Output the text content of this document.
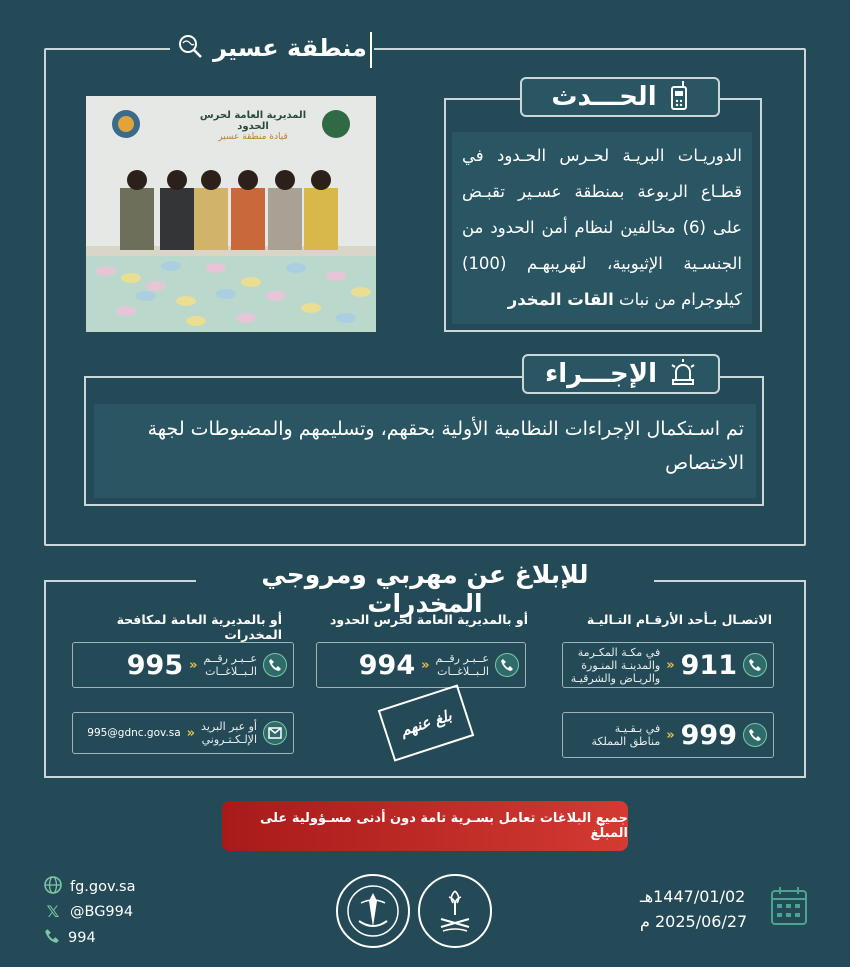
منطقة عسير
الحـــدث
الدوريـات البريـة لحـرس الحـدود في قطـاع الربوعة بمنطقة عسـير تقبـض على (6) مخالفين لنظام أمن الحدود من الجنسـية الإثيوبية، لتهريبهـم (100) كيلوجرام من نبات القات المخدر
المديرية العامة لحرس الحدود
قيادة منطقة عسير
الإجـــراء
تم اسـتكمال الإجراءات النظامية الأولية بحقهم، وتسليمهم والمضبوطات لجهة الاختصاص
للإبلاغ عن مهربي ومروجي المخدرات
الاتصـال بـأحد الأرقـام التـاليـة
أو بالمديرية العامة لحرس الحدود
أو بالمديرية العامة لمكافحة المخدرات
911
«
في مكـة المكـرمة
والمدينـة المنـورة
والريـاض والشرقيـة
999
«
في بـقـيـة
مناطق المملكة
عــبـر رقــم
الـبــلاغــات
«
994
عــبـر رقــم
الـبــلاغــات
«
995
أو عبر البريد
الإلـكـتـروني
«
995@gdnc.gov.sa	بلغ عنهم
جميع البلاغات تعامل بسـرية تامة دون أدنى مسـؤولية على المبلّغ
fg.gov.sa
𝕏 @BG994
994
1447/01/02هـ
2025/06/27 م
